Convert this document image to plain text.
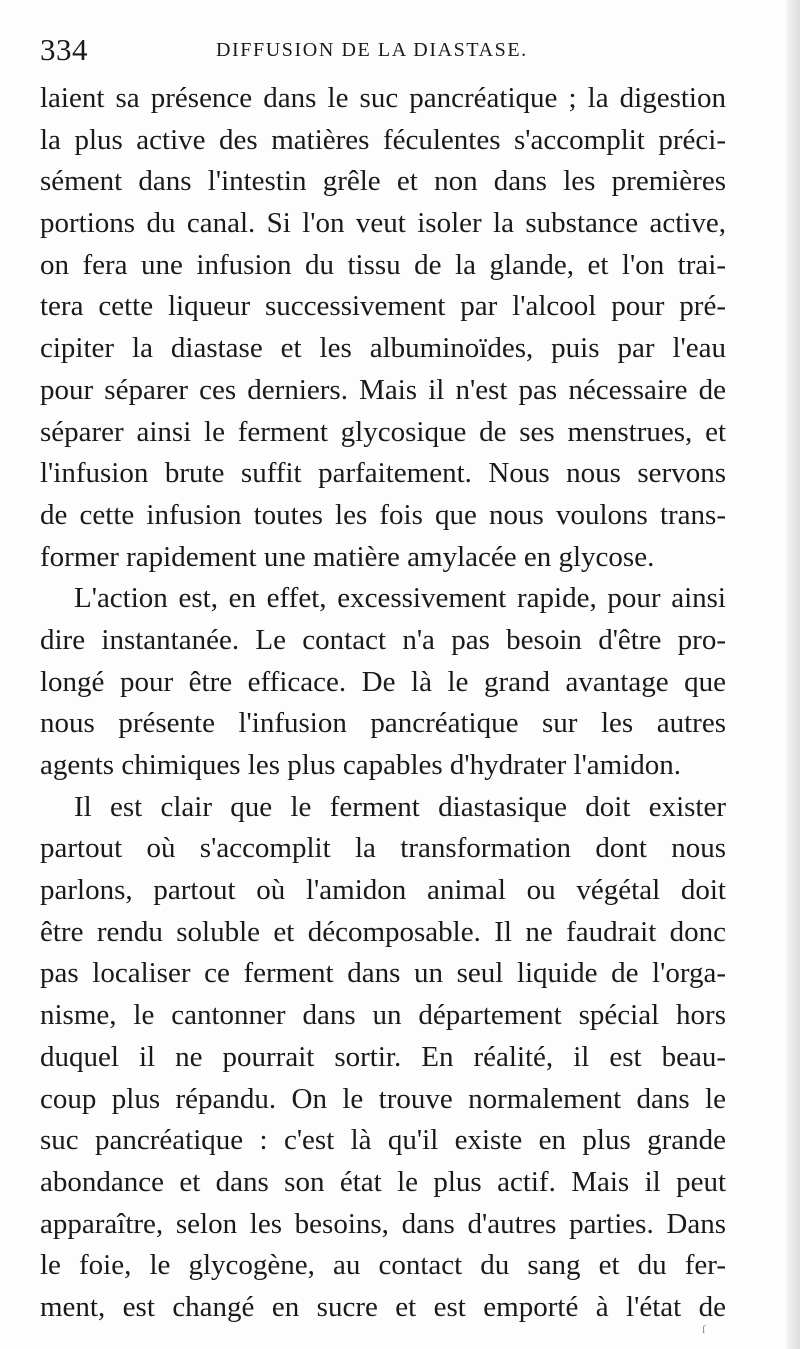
334	DIFFUSION DE LA DIASTASE.
laient sa présence dans le suc pancréatique ; la digestion
la plus active des matières féculentes s'accomplit préci-
sément dans l'intestin grêle et non dans les premières
portions du canal. Si l'on veut isoler la substance active,
on fera une infusion du tissu de la glande, et l'on trai-
tera cette liqueur successivement par l'alcool pour pré-
cipiter la diastase et les albuminoïdes, puis par l'eau
pour séparer ces derniers. Mais il n'est pas nécessaire de
séparer ainsi le ferment glycosique de ses menstrues, et
l'infusion brute suffit parfaitement. Nous nous servons
de cette infusion toutes les fois que nous voulons trans-
former rapidement une matière amylacée en glycose.
L'action est, en effet, excessivement rapide, pour ainsi
dire instantanée. Le contact n'a pas besoin d'être pro-
longé pour être efficace. De là le grand avantage que
nous présente l'infusion pancréatique sur les autres
agents chimiques les plus capables d'hydrater l'amidon.
Il est clair que le ferment diastasique doit exister
partout où s'accomplit la transformation dont nous
parlons, partout où l'amidon animal ou végétal doit
être rendu soluble et décomposable. Il ne faudrait donc
pas localiser ce ferment dans un seul liquide de l'orga-
nisme, le cantonner dans un département spécial hors
duquel il ne pourrait sortir. En réalité, il est beau-
coup plus répandu. On le trouve normalement dans le
suc pancréatique : c'est là qu'il existe en plus grande
abondance et dans son état le plus actif. Mais il peut
apparaître, selon les besoins, dans d'autres parties. Dans
le foie, le glycogène, au contact du sang et du fer-
ment, est changé en sucre et est emporté à l'état de
ſ
